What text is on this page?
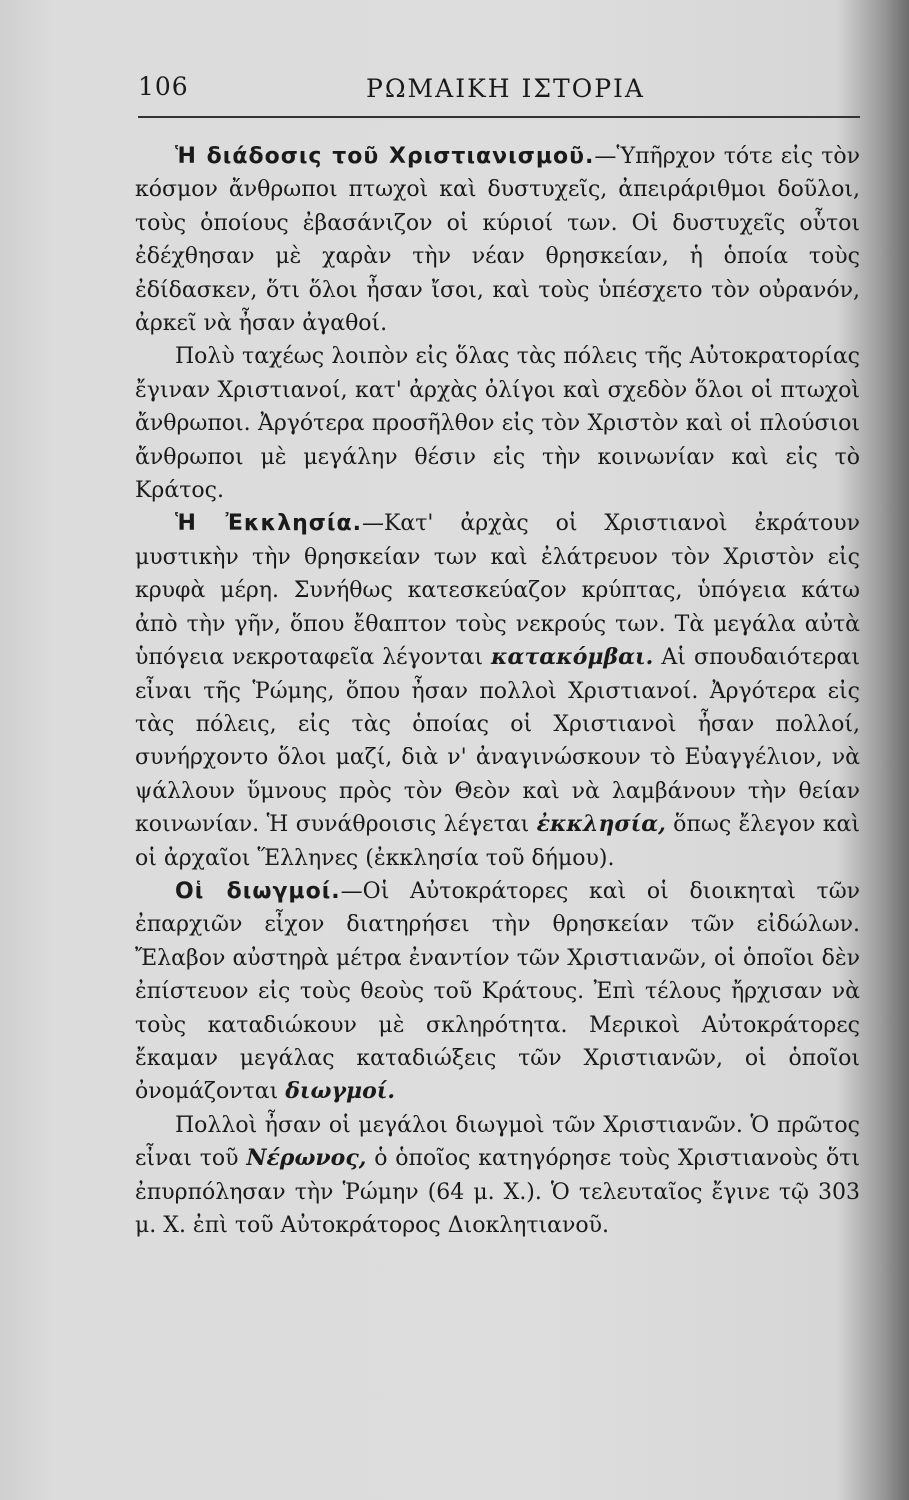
106	ΡΩΜΑΙΚΗ ΙΣΤΟΡΙΑ

Ἡ διάδοσις τοῦ Χριστιανισμοῦ.—Ὑπῆρχον τότε εἰς τὸν κόσμον ἄνθρωποι πτωχοὶ καὶ δυστυχεῖς, ἀπειράριθμοι δοῦλοι, τοὺς ὁποίους ἐβασάνιζον οἱ κύριοί των. Οἱ δυστυχεῖς οὗτοι ἐδέχθησαν μὲ χαρὰν τὴν νέαν θρησκείαν, ἡ ὁποία τοὺς ἐδίδασκεν, ὅτι ὅλοι ἦσαν ἴσοι, καὶ τοὺς ὑπέσχετο τὸν οὐρανόν, ἀρκεῖ νὰ ἦσαν ἀγαθοί.

Πολὺ ταχέως λοιπὸν εἰς ὅλας τὰς πόλεις τῆς Αὐτοκρατορίας ἔγιναν Χριστιανοί, κατ' ἀρχὰς ὀλίγοι καὶ σχεδὸν ὅλοι οἱ πτωχοὶ ἄνθρωποι. Ἀργότερα προσῆλθον εἰς τὸν Χριστὸν καὶ οἱ πλούσιοι ἄνθρωποι μὲ μεγάλην θέσιν εἰς τὴν κοινωνίαν καὶ εἰς τὸ Κράτος.

Ἡ Ἐκκλησία.—Κατ' ἀρχὰς οἱ Χριστιανοὶ ἐκράτουν μυστικὴν τὴν θρησκείαν των καὶ ἐλάτρευον τὸν Χριστὸν εἰς κρυφὰ μέρη. Συνήθως κατεσκεύαζον κρύπτας, ὑπόγεια κάτω ἀπὸ τὴν γῆν, ὅπου ἔθαπτον τοὺς νεκρούς των. Τὰ μεγάλα αὐτὰ ὑπόγεια νεκροταφεῖα λέγονται κατακόμβαι. Αἱ σπουδαιότεραι εἶναι τῆς Ῥώμης, ὅπου ἦσαν πολλοὶ Χριστιανοί. Ἀργότερα εἰς τὰς πόλεις, εἰς τὰς ὁποίας οἱ Χριστιανοὶ ἦσαν πολλοί, συνήρχοντο ὅλοι μαζί, διὰ ν' ἀναγινώσκουν τὸ Εὐαγγέλιον, νὰ ψάλλουν ὕμνους πρὸς τὸν Θεὸν καὶ νὰ λαμβάνουν τὴν θείαν κοινωνίαν. Ἡ συνάθροισις λέγεται ἐκκλησία, ὅπως ἔλεγον καὶ οἱ ἀρχαῖοι Ἕλληνες (ἐκκλησία τοῦ δήμου).

Οἱ διωγμοί.—Οἱ Αὐτοκράτορες καὶ οἱ διοικηταὶ τῶν ἐπαρχιῶν εἶχον διατηρήσει τὴν θρησκείαν τῶν εἰδώλων. Ἔλαβον αὐστηρὰ μέτρα ἐναντίον τῶν Χριστιανῶν, οἱ ὁποῖοι δὲν ἐπίστευον εἰς τοὺς θεοὺς τοῦ Κράτους. Ἐπὶ τέλους ἤρχισαν νὰ τοὺς καταδιώκουν μὲ σκληρότητα. Μερικοὶ Αὐτοκράτορες ἔκαμαν μεγάλας καταδιώξεις τῶν Χριστιανῶν, οἱ ὁποῖοι ὀνομάζονται διωγμοί.

Πολλοὶ ἦσαν οἱ μεγάλοι διωγμοὶ τῶν Χριστιανῶν. Ὁ πρῶτος εἶναι τοῦ Νέρωνος, ὁ ὁποῖος κατηγόρησε τοὺς Χριστιανοὺς ὅτι ἐπυρπόλησαν τὴν Ῥώμην (64 μ. Χ.). Ὁ τελευταῖος ἔγινε τῷ 303 μ. Χ. ἐπὶ τοῦ Αὐτοκράτορος Διοκλητιανοῦ.
